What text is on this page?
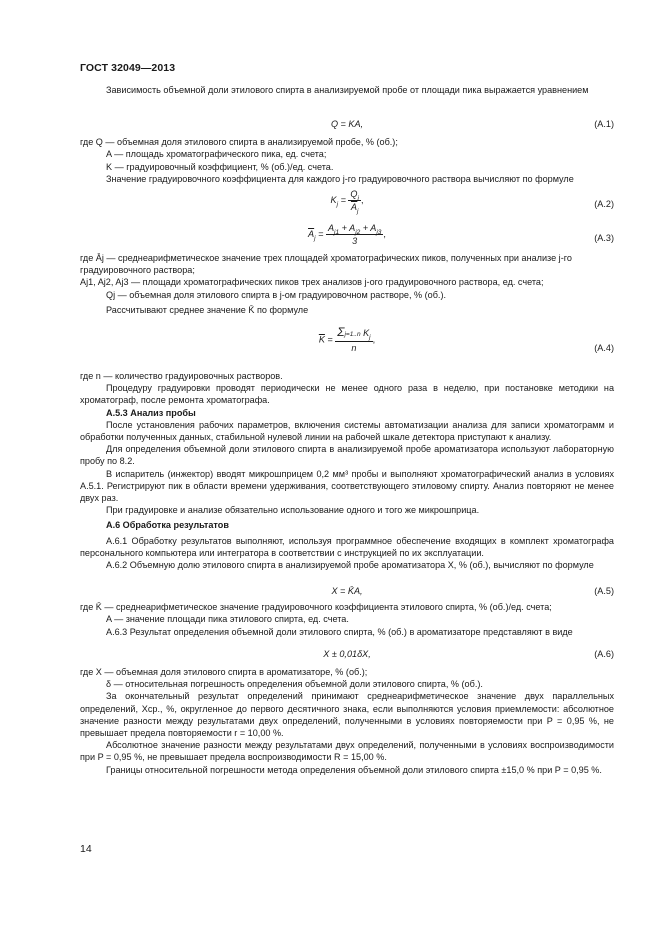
ГОСТ 32049—2013

Зависимость объемной доли этилового спирта в анализируемой пробе от площади пика выражается уравнением

Q = KA,	(А.1)
где Q — объемная доля этилового спирта в анализируемой пробе, % (об.);
A — площадь хроматографического пика, ед. счета;
K — градуировочный коэффициент, % (об.)/ед. счета.

Значение градуировочного коэффициента для каждого j-го градуировочного раствора вычисляют по формуле

$K_j = \frac{Q_j}{\overline{A}_j}$ ,	(А.2)
$\overline{A}_j = \frac{A_{j1} + A_{j2} + A_{j3}}{3}$ ,	(А.3)
где Āj — среднеарифметическое значение трех площадей хроматографических пиков, полученных при анализе j-го градуировочного раствора;
Aj1, Aj2, Aj3 — площади хроматографических пиков трех анализов j-ого градуировочного раствора, ед. счета;
Qj — объемная доля этилового спирта в j-ом градуировочном растворе, % (об.).

Рассчитывают среднее значение K̄ по формуле

$\overline{K} = \frac{\Sigma j=1..n K_j}{n}$ ,
(А.4)
где n — количество градуировочных растворов.

Процедуру градуировки проводят периодически не менее одного раза в неделю, при постановке методики на хроматограф, после ремонта хроматографа.

А.5.3 Анализ пробы

После установления рабочих параметров, включения системы автоматизации анализа для записи хроматограмм и обработки полученных данных, стабильной нулевой линии на рабочей шкале детектора приступают к анализу.

Для определения объемной доли этилового спирта в анализируемой пробе ароматизатора используют лабораторную пробу по 8.2.

В испаритель (инжектор) вводят микрошприцем 0,2 мм³ пробы и выполняют хроматографический анализ в условиях А.5.1. Регистрируют пик в области времени удерживания, соответствующего этиловому спирту. Анализ повторяют не менее двух раз.

При градуировке и анализе обязательно использование одного и того же микрошприца.

А.6 Обработка результатов

А.6.1 Обработку результатов выполняют, используя программное обеспечение входящих в комплект хроматографа персонального компьютера или интегратора в соответствии с инструкцией по их эксплуатации.

А.6.2 Объемную долю этилового спирта в анализируемой пробе ароматизатора X, % (об.), вычисляют по формуле

X = K̄A,	(А.5)
где K̄ — среднеарифметическое значение градуировочного коэффициента этилового спирта, % (об.)/ед. счета;
A — значение площади пика этилового спирта, ед. счета.

А.6.3 Результат определения объемной доли этилового спирта, % (об.) в ароматизаторе представляют в виде

X ± 0,01δX,	(А.6)
где X — объемная доля этилового спирта в ароматизаторе, % (об.);
δ — относительная погрешность определения объемной доли этилового спирта, % (об.).

За окончательный результат определений принимают среднеарифметическое значение двух параллельных определений, Xср., %, округленное до первого десятичного знака, если выполняются условия приемлемости: абсолютное значение разности между результатами двух определений, полученными в условиях повторяемости при P = 0,95 %, не превышает предела повторяемости r = 10,00 %.

Абсолютное значение разности между результатами двух определений, полученными в условиях воспроизводимости при P = 0,95 %, не превышает предела воспроизводимости R = 15,00 %.

Границы относительной погрешности метода определения объемной доли этилового спирта ±15,0 % при P = 0,95 %.

14
